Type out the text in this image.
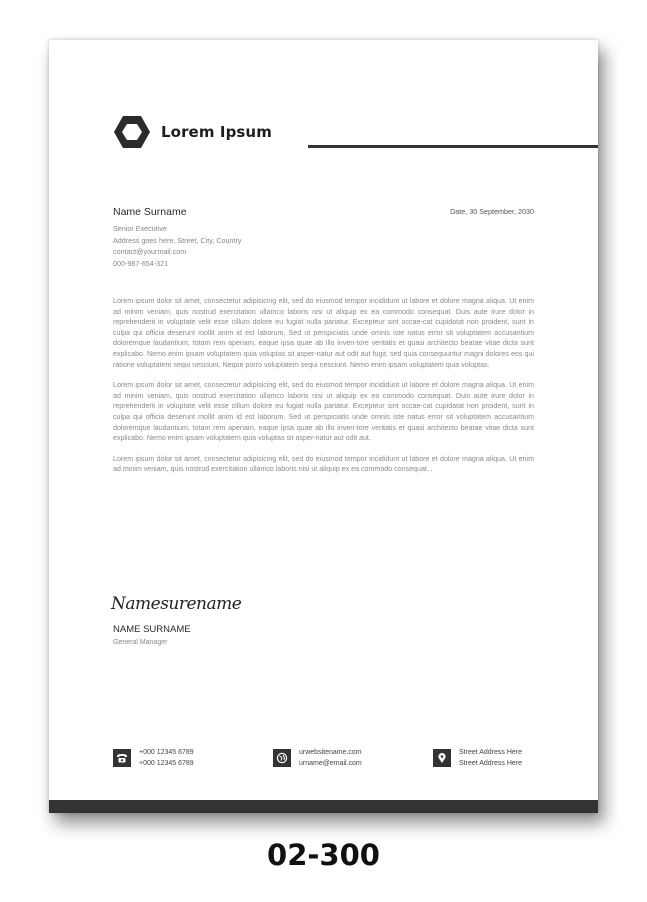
Lorem Ipsum
Name Surname
Senior Executive
Address goes here, Street, City, Country
contact@yourmail.com
000-987-654-321
Date, 30 September, 2030

Lorem ipsum dolor sit amet, consectetur adipisicing elit, sed do eiusmod tempor incididunt ut labore et dolore magna aliqua. Ut enim ad minim veniam, quis nostrud exercitation ullamco laboris nisi ut aliquip ex ea commodo consequat. Duis aute irure dolor in reprehenderit in voluptate velit esse cillum dolore eu fugiat nulla pariatur. Excepteur sint occae-cat cupidatat non proident, sunt in culpa qui officia deserunt mollit anim id est laborum. Sed ut perspiciatis unde omnis iste natus error sit voluptatem accusantium doloremque laudantium, totam rem aperiam, eaque ipsa quae ab illo inven-tore veritatis et quasi architecto beatae vitae dicta sunt explicabo. Nemo enim ipsam voluptatem quia voluptas sit asper-natur aut odit aut fugit, sed quia consequuntur magni dolores eos qui ratione voluptatem sequi nesciunt. Neque porro voluptatem sequi nesciunt. Nemo enim ipsam voluptatem quia voluptas.

Lorem ipsum dolor sit amet, consectetur adipisicing elit, sed do eiusmod tempor incididunt ut labore et dolore magna aliqua. Ut enim ad minim veniam, quis nostrud exercitation ullamco laboris nisi ut aliquip ex ea commodo consequat. Duis aute irure dolor in reprehenderit in voluptate velit esse cillum dolore eu fugiat nulla pariatur. Excepteur sint occae-cat cupidatat non proident, sunt in culpa qui officia deserunt mollit anim id est laborum. Sed ut perspiciatis unde omnis iste natus error sit voluptatem accusantium doloremque laudantium, totam rem aperiam, eaque ipsa quae ab illo inven-tore veritatis et quasi architecto beatae vitae dicta sunt explicabo. Nemo enim ipsam voluptatem quia voluptas sit asper-natur aut odit aut.

Lorem ipsum dolor sit amet, consectetur adipisicing elit, sed do eiusmod tempor incididunt ut labore et dolore magna aliqua. Ut enim ad minim veniam, quis nostrud exercitation ullamco laboris nisi ut aliquip ex ea commodo consequat. .

Namesurename
NAME SURNAME
General Manager
+000 12345 6789
+000 12345 6789
urwebsitename.com
urname@email.com
Street Address Here
Street Address Here
02-300
